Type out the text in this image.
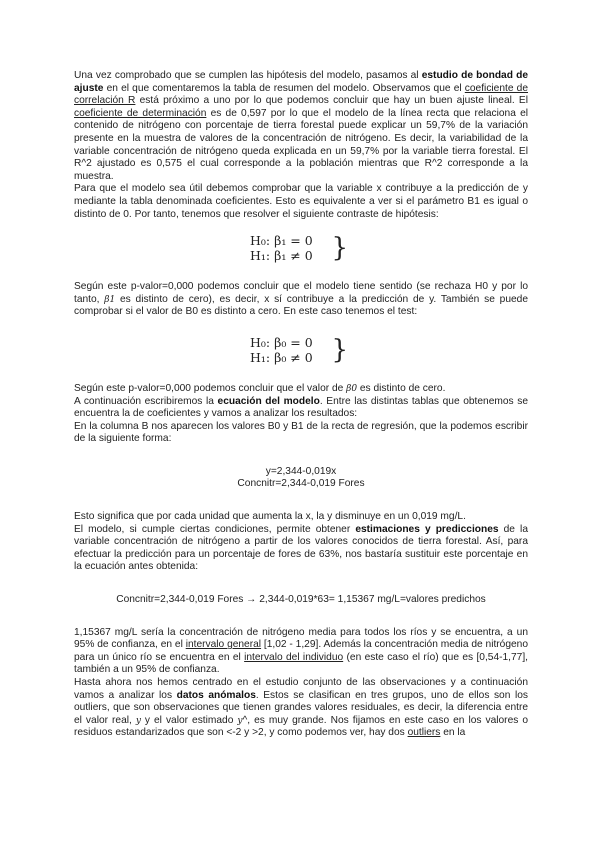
Una vez comprobado que se cumplen las hipótesis del modelo, pasamos al estudio de bondad de ajuste en el que comentaremos la tabla de resumen del modelo. Observamos que el coeficiente de correlación R está próximo a uno por lo que podemos concluir que hay un buen ajuste lineal. El coeficiente de determinación es de 0,597 por lo que el modelo de la línea recta que relaciona el contenido de nitrógeno con porcentaje de tierra forestal puede explicar un 59,7% de la variación presente en la muestra de valores de la concentración de nitrógeno. Es decir, la variabilidad de la variable concentración de nitrógeno queda explicada en un 59,7% por la variable tierra forestal. El R^2 ajustado es 0,575 el cual corresponde a la población mientras que R^2 corresponde a la muestra.

Para que el modelo sea útil debemos comprobar que la variable x contribuye a la predicción de y mediante la tabla denominada coeficientes. Esto es equivalente a ver si el parámetro B1 es igual o distinto de 0. Por tanto, tenemos que resolver el siguiente contraste de hipótesis:

H₀: β₁ = 0
H₁: β₁ ≠ 0 }

Según este p-valor=0,000 podemos concluir que el modelo tiene sentido (se rechaza H0 y por lo tanto, β1 es distinto de cero), es decir, x sí contribuye a la predicción de y. También se puede comprobar si el valor de B0 es distinto a cero. En este caso tenemos el test:

H₀: β₀ = 0
H₁: β₀ ≠ 0 }

Según este p-valor=0,000 podemos concluir que el valor de β0 es distinto de cero.

A continuación escribiremos la ecuación del modelo. Entre las distintas tablas que obtenemos se encuentra la de coeficientes y vamos a analizar los resultados:

En la columna B nos aparecen los valores B0 y B1 de la recta de regresión, que la podemos escribir de la siguiente forma:

y=2,344-0,019x
Concnitr=2,344-0,019 Fores

Esto significa que por cada unidad que aumenta la x, la y disminuye en un 0,019 mg/L.

El modelo, si cumple ciertas condiciones, permite obtener estimaciones y predicciones de la variable concentración de nitrógeno a partir de los valores conocidos de tierra forestal. Así, para efectuar la predicción para un porcentaje de fores de 63%, nos bastaría sustituir este porcentaje en la ecuación antes obtenida:

Concnitr=2,344-0,019 Fores → 2,344-0,019*63= 1,15367 mg/L=valores predichos

1,15367 mg/L sería la concentración de nitrógeno media para todos los ríos y se encuentra, a un 95% de confianza, en el intervalo general [1,02 - 1,29]. Además la concentración media de nitrógeno para un único río se encuentra en el intervalo del individuo (en este caso el río) que es [0,54-1,77], también a un 95% de confianza.

Hasta ahora nos hemos centrado en el estudio conjunto de las observaciones y a continuación vamos a analizar los datos anómalos. Estos se clasifican en tres grupos, uno de ellos son los outliers, que son observaciones que tienen grandes valores residuales, es decir, la diferencia entre el valor real, y y el valor estimado y^, es muy grande. Nos fijamos en este caso en los valores o residuos estandarizados que son <-2 y >2, y como podemos ver, hay dos outliers en la
